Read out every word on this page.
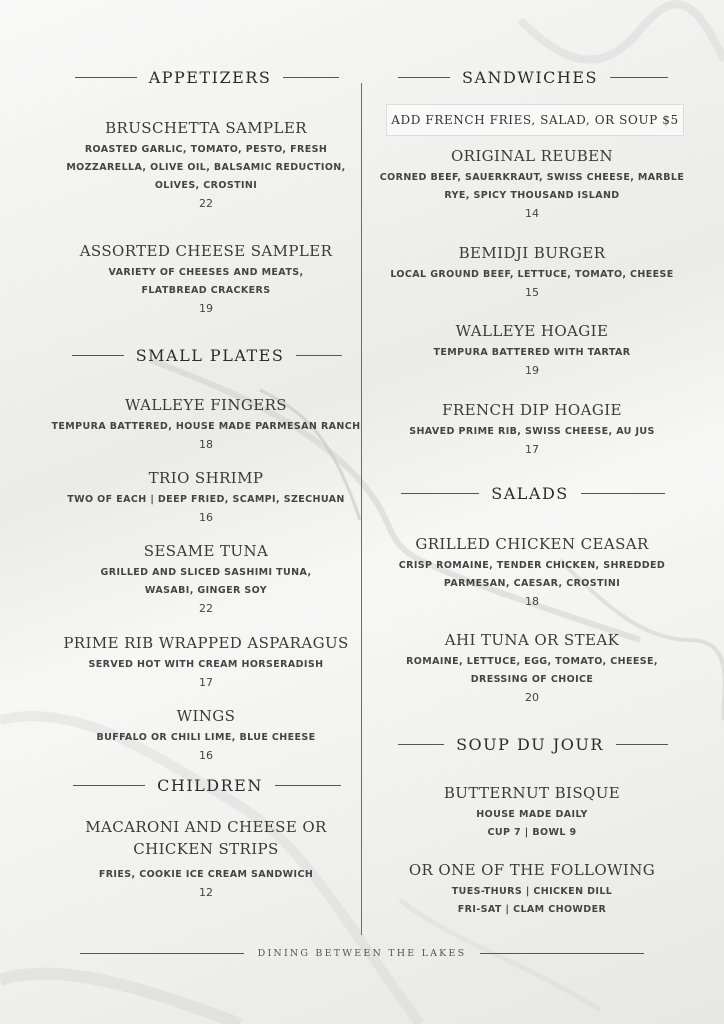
APPETIZERS
BRUSCHETTA SAMPLER
ROASTED GARLIC, TOMATO, PESTO, FRESH
MOZZARELLA, OLIVE OIL, BALSAMIC REDUCTION,
OLIVES, CROSTINI
22
ASSORTED CHEESE SAMPLER
VARIETY OF CHEESES AND MEATS,
FLATBREAD CRACKERS
19
SMALL PLATES
WALLEYE FINGERS
TEMPURA BATTERED, HOUSE MADE PARMESAN RANCH
18
TRIO SHRIMP
TWO OF EACH | DEEP FRIED, SCAMPI, SZECHUAN
16
SESAME TUNA
GRILLED AND SLICED SASHIMI TUNA,
WASABI, GINGER SOY
22
PRIME RIB WRAPPED ASPARAGUS
SERVED HOT WITH CREAM HORSERADISH
17
WINGS
BUFFALO OR CHILI LIME, BLUE CHEESE
16
CHILDREN
MACARONI AND CHEESE OR
CHICKEN STRIPS
FRIES, COOKIE ICE CREAM SANDWICH
12
SANDWICHES
ADD FRENCH FRIES, SALAD, OR SOUP $5
ORIGINAL REUBEN
CORNED BEEF, SAUERKRAUT, SWISS CHEESE, MARBLE
RYE, SPICY THOUSAND ISLAND
14
BEMIDJI BURGER
LOCAL GROUND BEEF, LETTUCE, TOMATO, CHEESE
15
WALLEYE HOAGIE
TEMPURA BATTERED WITH TARTAR
19
FRENCH DIP HOAGIE
SHAVED PRIME RIB, SWISS CHEESE, AU JUS
17
SALADS
GRILLED CHICKEN CEASAR
CRISP ROMAINE, TENDER CHICKEN, SHREDDED
PARMESAN, CAESAR, CROSTINI
18
AHI TUNA OR STEAK
ROMAINE, LETTUCE, EGG, TOMATO, CHEESE,
DRESSING OF CHOICE
20
SOUP DU JOUR
BUTTERNUT BISQUE
HOUSE MADE DAILY
CUP 7 | BOWL 9
OR ONE OF THE FOLLOWING
TUES-THURS | CHICKEN DILL
FRI-SAT | CLAM CHOWDER
DINING BETWEEN THE LAKES
